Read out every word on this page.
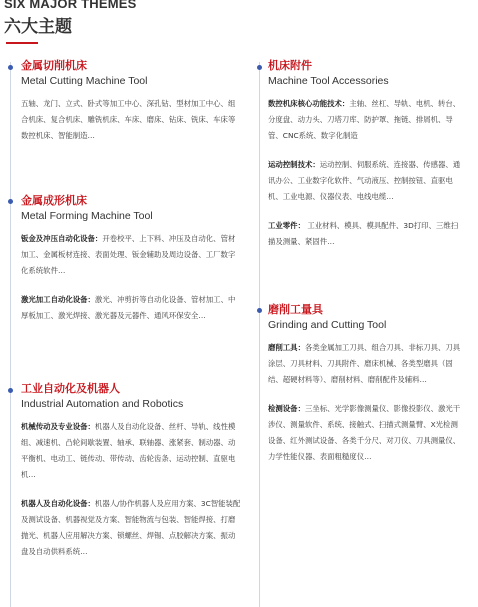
SIX MAJOR THEMES
六大主题
金属切削机床
Metal Cutting Machine Tool

五轴、龙门、立式、卧式等加工中心、深孔钻、型材加工中心、组合机床、复合机床、雕铣机床、车床、磨床、钻床、铣床、车床等数控机床、智能制造…

金属成形机床
Metal Forming Machine Tool

钣金及冲压自动化设备：开卷校平、上下料、冲压及自动化、管材加工、金属板材连接、表面处理、钣金辅助及周边设备、工厂数字化系统软件…

激光加工自动化设备：激光、冲剪折等自动化设备、管材加工、中厚板加工、激光焊接、激光器及元器件、通风环保安全…

工业自动化及机器人
Industrial Automation and Robotics

机械传动及专业设备：机器人及自动化设备、丝杆、导轨、线性模组、减速机、凸轮间歇装置、轴承、联轴器、涨紧套、制动器、动平衡机、电动工、链传动、带传动、齿轮齿条、运动控制、直驱电机…

机器人及自动化设备：机器人/协作机器人及应用方案、3C智能装配及测试设备、机器视觉及方案、智能物流与包装、智能焊接、打磨抛光、机器人应用解决方案、锁螺丝、焊锡、点胶解决方案、振动盘及自动供料系统…

机床附件
Machine Tool Accessories

数控机床核心功能技术：主轴、丝杠、导轨、电机、转台、分度盘、动力头、刀塔刀库、防护罩、拖链、排屑机、导管、CNC系统、数字化制造

运动控制技术：运动控制、伺服系统、连接器、传感器、通讯办公、工业数字化软件、气动液压、控制按钮、直驱电机、工业电源、仪器仪表、电线电缆…

工业零件： 工业材料、模具、模具配件、3D打印、三维扫描及测量、紧固件…

磨削工量具
Grinding and Cutting Tool

磨削工具：各类金属加工刀具、组合刀具、非标刀具、刀具涂层、刀具材料、刀具附件、磨床机械、各类型磨具（固结、超硬材料等）、磨削材料、磨削配件及辅料…

检测设备：三坐标、光学影像测量仪、影像投影仪、激光干涉仪、测量软件、系统、接触式、扫描式测量臂、X光检测设备、红外测试设备、各类千分尺、对刀仪、刀具测量仪、力学性能仪器、表面粗糙度仪…
